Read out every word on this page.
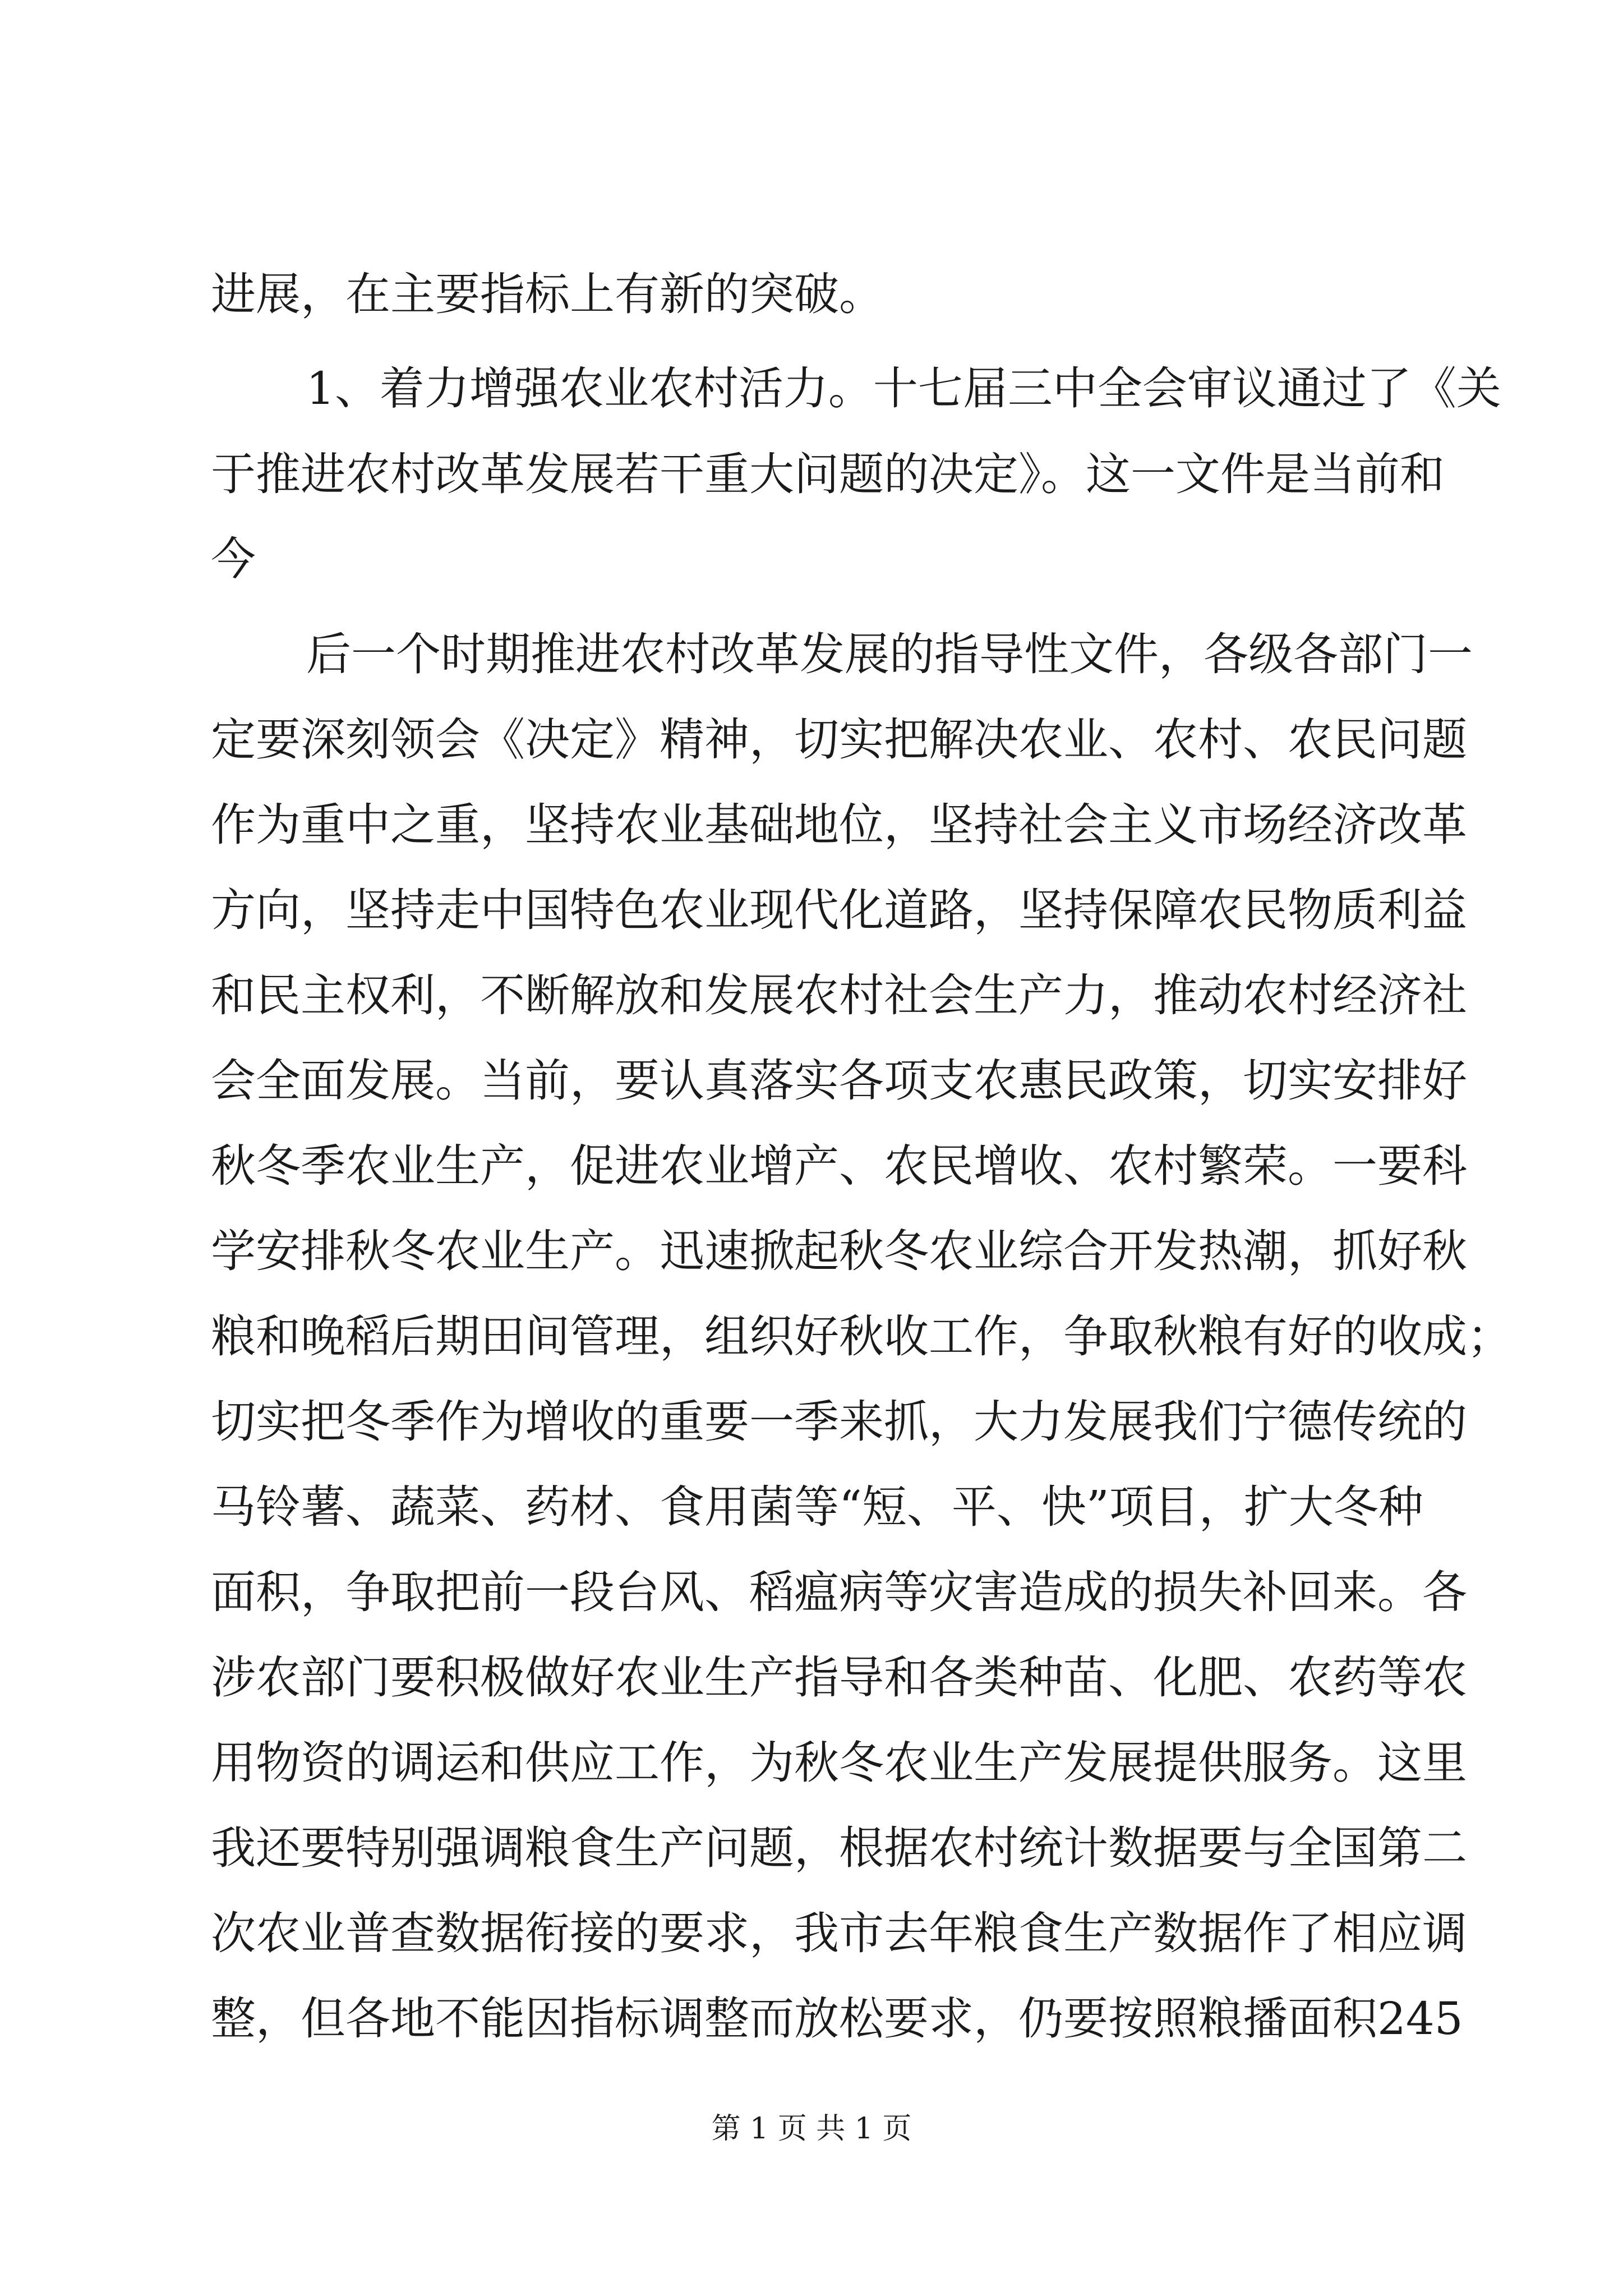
进展，在主要指标上有新的突破。
1、着力增强农业农村活力。十七届三中全会审议通过了《关
于推进农村改革发展若干重大问题的决定》。这一文件是当前和
今
后一个时期推进农村改革发展的指导性文件，各级各部门一
定要深刻领会《决定》精神，切实把解决农业、农村、农民问题
作为重中之重，坚持农业基础地位，坚持社会主义市场经济改革
方向，坚持走中国特色农业现代化道路，坚持保障农民物质利益
和民主权利，不断解放和发展农村社会生产力，推动农村经济社
会全面发展。当前，要认真落实各项支农惠民政策，切实安排好
秋冬季农业生产，促进农业增产、农民增收、农村繁荣。一要科
学安排秋冬农业生产。迅速掀起秋冬农业综合开发热潮，抓好秋
粮和晚稻后期田间管理，组织好秋收工作，争取秋粮有好的收成；
切实把冬季作为增收的重要一季来抓，大力发展我们宁德传统的
马铃薯、蔬菜、药材、食用菌等“短、平、快”项目，扩大冬种
面积，争取把前一段台风、稻瘟病等灾害造成的损失补回来。各
涉农部门要积极做好农业生产指导和各类种苗、化肥、农药等农
用物资的调运和供应工作，为秋冬农业生产发展提供服务。这里
我还要特别强调粮食生产问题，根据农村统计数据要与全国第二
次农业普查数据衔接的要求，我市去年粮食生产数据作了相应调
整，但各地不能因指标调整而放松要求，仍要按照粮播面积245
第 1 页 共 1 页
